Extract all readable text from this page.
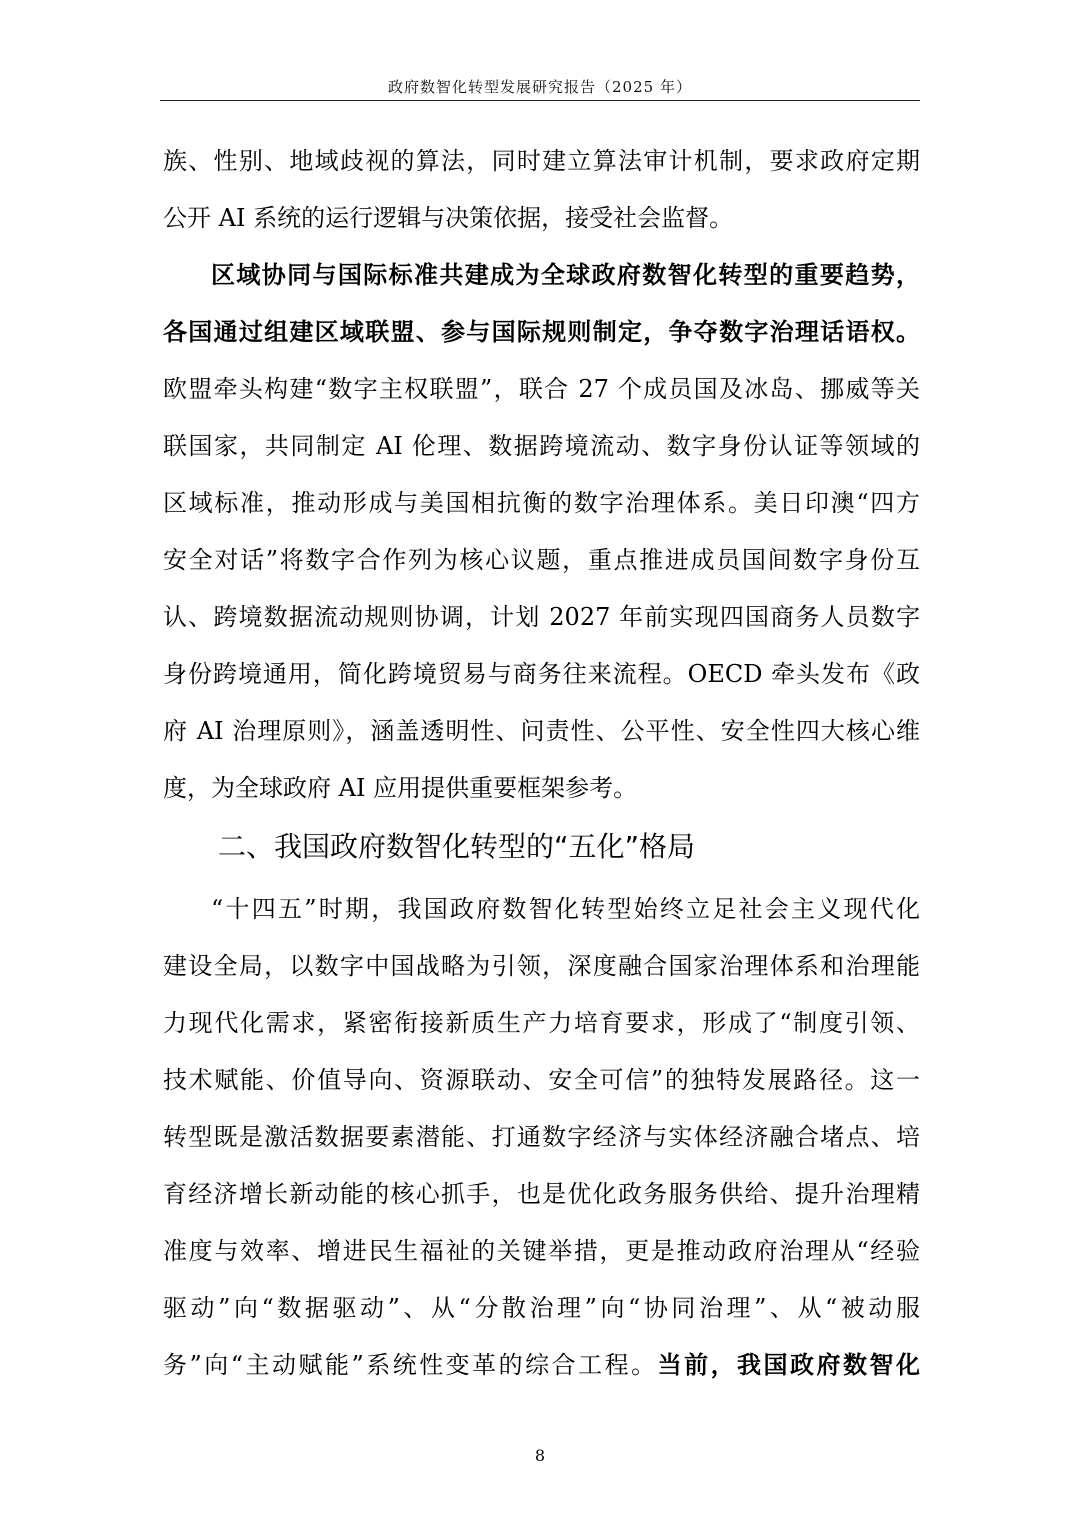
政府数智化转型发展研究报告（2025 年）
族、性别、地域歧视的算法，同时建立算法审计机制，要求政府定期
公开 AI 系统的运行逻辑与决策依据，接受社会监督。
区域协同与国际标准共建成为全球政府数智化转型的重要趋势，
各国通过组建区域联盟、参与国际规则制定，争夺数字治理话语权。
欧盟牵头构建“数字主权联盟”，联合 27 个成员国及冰岛、挪威等关
联国家，共同制定 AI 伦理、数据跨境流动、数字身份认证等领域的
区域标准，推动形成与美国相抗衡的数字治理体系。美日印澳“四方
安全对话”将数字合作列为核心议题，重点推进成员国间数字身份互
认、跨境数据流动规则协调，计划 2027 年前实现四国商务人员数字
身份跨境通用，简化跨境贸易与商务往来流程。OECD 牵头发布《政
府 AI 治理原则》，涵盖透明性、问责性、公平性、安全性四大核心维
度，为全球政府 AI 应用提供重要框架参考。
二、我国政府数智化转型的“五化”格局
“十四五”时期，我国政府数智化转型始终立足社会主义现代化
建设全局，以数字中国战略为引领，深度融合国家治理体系和治理能
力现代化需求，紧密衔接新质生产力培育要求，形成了“制度引领、
技术赋能、价值导向、资源联动、安全可信”的独特发展路径。这一
转型既是激活数据要素潜能、打通数字经济与实体经济融合堵点、培
育经济增长新动能的核心抓手，也是优化政务服务供给、提升治理精
准度与效率、增进民生福祉的关键举措，更是推动政府治理从“经验
驱动”向“数据驱动”、从“分散治理”向“协同治理”、从“被动服
务”向“主动赋能”系统性变革的综合工程。当前，我国政府数智化
8
